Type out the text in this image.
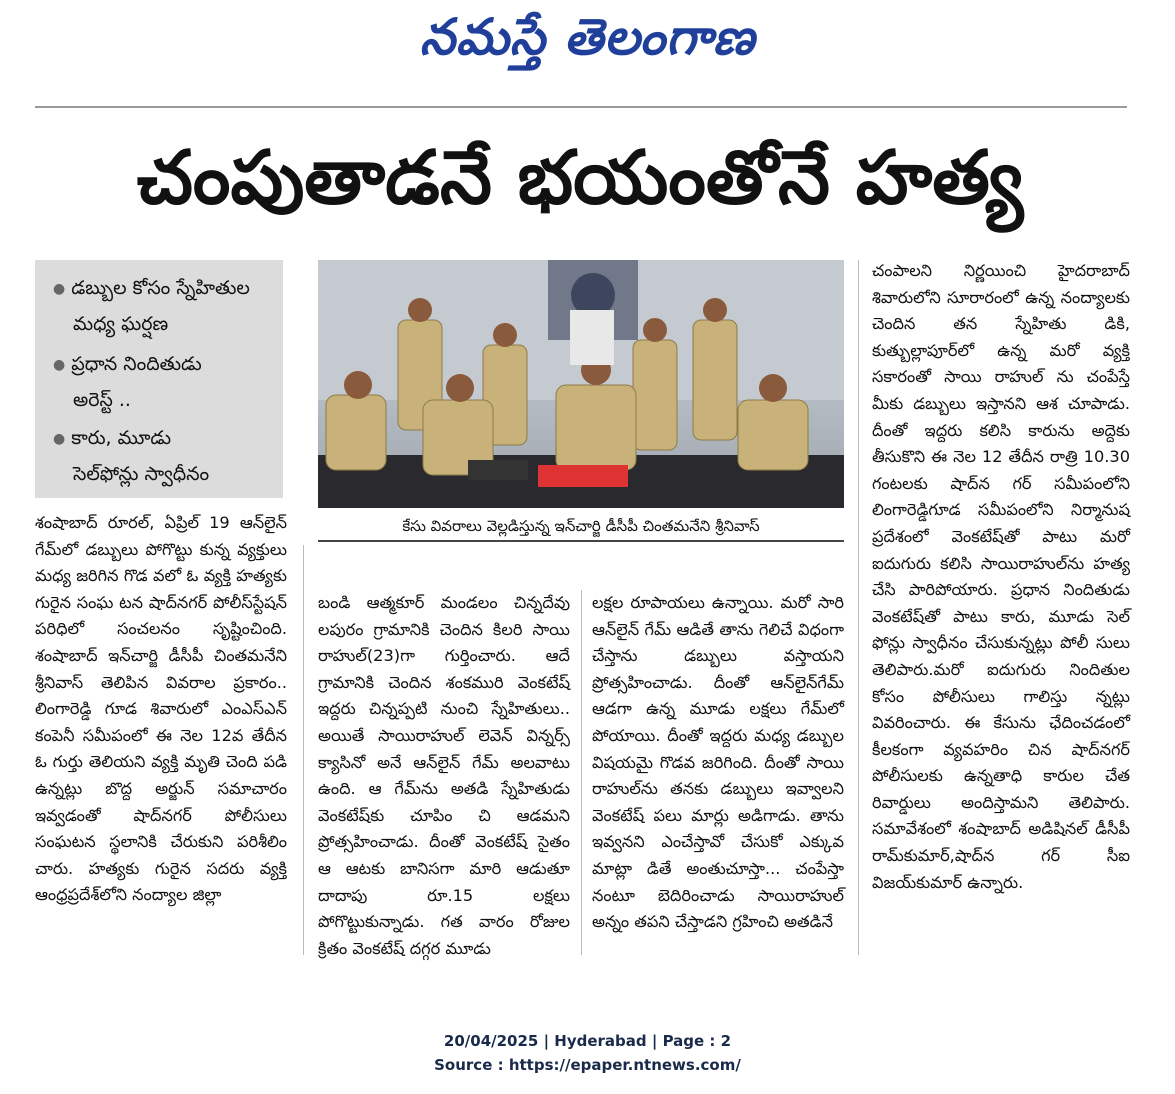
నమస్తే తెలంగాణ
చంపుతాడనే భయంతోనే హత్య
● డబ్బుల కోసం స్నేహితుల
మధ్య ఘర్షణ
● ప్రధాన నిందితుడు
అరెస్ట్ ..
● కారు, మూడు
సెల్‌ఫోన్లు స్వాధీనం
కేసు వివరాలు వెల్లడిస్తున్న ఇన్‌చార్జి డీసీపీ చింతమనేని శ్రీనివాస్

శంషాబాద్ రూరల్, ఏప్రిల్ 19 ఆన్‌లైన్ గేమ్‌లో డబ్బులు పోగొట్టు కున్న వ్యక్తులు మధ్య జరిగిన గొడ వలో ఓ వ్యక్తి హత్యకు గురైన సంఘ టన షాద్‌నగర్ పోలీస్‌స్టేషన్ పరిధిలో సంచలనం సృష్టించింది. శంషాబాద్ ఇన్‌చార్జి డీసీపీ చింతమనేని శ్రీనివాస్ తెలిపిన వివరాల ప్రకారం.. లింగారెడ్డి గూడ శివారులో ఎంఎస్‌ఎన్ కంపెనీ సమీపంలో ఈ నెల 12వ తేదీన ఓ గుర్తు తెలియని వ్యక్తి మృతి చెంది పడి ఉన్నట్లు బొద్ద అర్జున్ సమాచారం ఇవ్వడంతో షాద్‌నగర్ పోలీసులు సంఘటన స్థలానికి చేరుకుని పరిశీలిం చారు. హత్యకు గురైన సదరు వ్యక్తి ఆంధ్రప్రదేశ్‌లోని నంద్యాల జిల్లా

బండి ఆత్మకూర్ మండలం చిన్నదేవు లపురం గ్రామానికి చెందిన కిలరి సాయి రాహుల్(23)గా గుర్తించారు. ఆదే గ్రామానికి చెందిన శంకమురి వెంకటేష్ ఇద్దరు చిన్నప్పటి నుంచి స్నేహితులు.. అయితే సాయిరాహుల్ లెవెన్ విన్నర్స్ క్యాసినో అనే ఆన్‌లైన్ గేమ్ అలవాటు ఉంది. ఆ గేమ్‌ను అతడి స్నేహితుడు వెంకటేష్‌కు చూపిం చి ఆడమని ప్రోత్సహించాడు. దీంతో వెంకటేష్ సైతం ఆ ఆటకు బానిసగా మారి ఆడుతూ దాదాపు రూ.15 లక్షలు పోగొట్టుకున్నాడు. గత వారం రోజుల క్రితం వెంకటేష్ దగ్గర మూడు

లక్షల రూపాయలు ఉన్నాయి. మరో సారి ఆన్‌లైన్ గేమ్ ఆడితే తాను గెలిచే విధంగా చేస్తాను డబ్బులు వస్తాయని ప్రోత్సహించాడు. దీంతో ఆన్‌లైన్‌గేమ్ ఆడగా ఉన్న మూడు లక్షలు గేమ్‌లో పోయాయి. దీంతో ఇద్దరు మధ్య డబ్బుల విషయమై గొడవ జరిగింది. దీంతో సాయి రాహుల్‌ను తనకు డబ్బులు ఇవ్వాలని వెంకటేష్ పలు మార్లు అడిగాడు. తాను ఇవ్వనని ఎంచేస్తావో చేసుకో ఎక్కువ మాట్లా డితే అంతుచూస్తా... చంపేస్తా నంటూ బెదిరించాడు సాయిరాహుల్ అన్నం తపని చేస్తాడని గ్రహించి అతడినే

చంపాలని నిర్ణయించి హైదరాబాద్ శివారులోని సూరారంలో ఉన్న నంద్యాలకు చెందిన తన స్నేహితు డికి, కుత్బుల్లాపూర్‌లో ఉన్న మరో వ్యక్తి సకారంతో సాయి రాహుల్ ను చంపేస్తే మీకు డబ్బులు ఇస్తానని ఆశ చూపాడు. దీంతో ఇద్దరు కలిసి కారును అద్దెకు తీసుకొని ఈ నెల 12 తేదీన రాత్రి 10.30 గంటలకు షాద్‌న గర్ సమీపంలోని లింగారెడ్డిగూడ సమీపంలోని నిర్మానుష ప్రదేశంలో వెంకటేష్‌తో పాటు మరో ఐదుగురు కలిసి సాయిరాహుల్‌ను హత్య చేసి పారిపోయారు. ప్రధాన నిందితుడు వెంకటేష్‌తో పాటు కారు, మూడు సెల్ ఫోన్లు స్వాధీనం చేసుకున్నట్లు పోలీ సులు తెలిపారు.మరో ఐదుగురు నిందితుల కోసం పోలీసులు గాలిస్తు న్నట్లు వివరించారు. ఈ కేసును ఛేదించడంలో కీలకంగా వ్యవహరిం చిన షాద్‌నగర్ పోలీసులకు ఉన్నతాధి కారుల చేత రివార్డులు అందిస్తామని తెలిపారు. సమావేశంలో శంషాబాద్ అడిషినల్ డీసీపీ రామ్‌కుమార్,షాద్‌న గర్ సీఐ విజయ్‌కుమార్ ఉన్నారు.

20/04/2025 | Hyderabad | Page : 2
Source : https://epaper.ntnews.com/
